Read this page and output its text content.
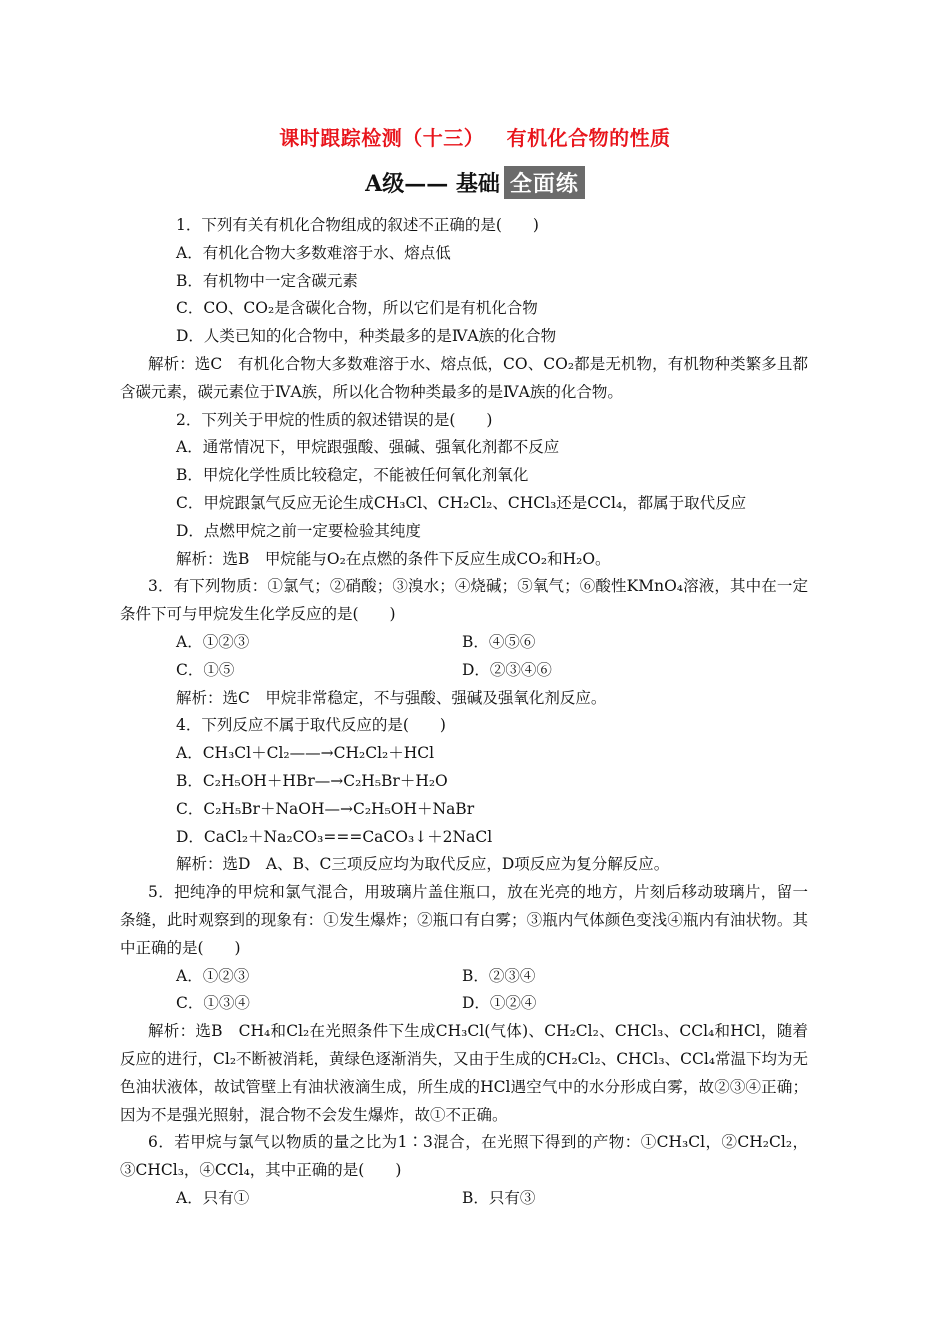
课时跟踪检测（十三）   有机化合物的性质
A级—— 基础 全面练
1．下列有关有机化合物组成的叙述不正确的是(　　)
A．有机化合物大多数难溶于水、熔点低
B．有机物中一定含碳元素
C．CO、CO₂是含碳化合物，所以它们是有机化合物
D．人类已知的化合物中，种类最多的是ⅣA族的化合物
解析：选C　有机化合物大多数难溶于水、熔点低，CO、CO₂都是无机物，有机物种类繁多且都含碳元素，碳元素位于ⅣA族，所以化合物种类最多的是ⅣA族的化合物。
2．下列关于甲烷的性质的叙述错误的是(　　)
A．通常情况下，甲烷跟强酸、强碱、强氧化剂都不反应
B．甲烷化学性质比较稳定，不能被任何氧化剂氧化
C．甲烷跟氯气反应无论生成CH₃Cl、CH₂Cl₂、CHCl₃还是CCl₄，都属于取代反应
D．点燃甲烷之前一定要检验其纯度
解析：选B　甲烷能与O₂在点燃的条件下反应生成CO₂和H₂O。
3．有下列物质：①氯气；②硝酸；③溴水；④烧碱；⑤氧气；⑥酸性KMnO₄溶液，其中在一定条件下可与甲烷发生化学反应的是(　　)
A．①②③	B．④⑤⑥
C．①⑤	D．②③④⑥
解析：选C　甲烷非常稳定，不与强酸、强碱及强氧化剂反应。
4．下列反应不属于取代反应的是(　　)
A．CH₃Cl＋Cl₂——→CH₂Cl₂＋HCl
B．C₂H₅OH＋HBr—→C₂H₅Br＋H₂O
C．C₂H₅Br＋NaOH—→C₂H₅OH＋NaBr
D．CaCl₂＋Na₂CO₃===CaCO₃↓＋2NaCl
解析：选D　A、B、C三项反应均为取代反应，D项反应为复分解反应。
5．把纯净的甲烷和氯气混合，用玻璃片盖住瓶口，放在光亮的地方，片刻后移动玻璃片，留一条缝，此时观察到的现象有：①发生爆炸；②瓶口有白雾；③瓶内气体颜色变浅④瓶内有油状物。其中正确的是(　　)
A．①②③	B．②③④
C．①③④	D．①②④
解析：选B　CH₄和Cl₂在光照条件下生成CH₃Cl(气体)、CH₂Cl₂、CHCl₃、CCl₄和HCl，随着反应的进行，Cl₂不断被消耗，黄绿色逐渐消失，又由于生成的CH₂Cl₂、CHCl₃、CCl₄常温下均为无色油状液体，故试管壁上有油状液滴生成，所生成的HCl遇空气中的水分形成白雾，故②③④正确；因为不是强光照射，混合物不会发生爆炸，故①不正确。
6．若甲烷与氯气以物质的量之比为1∶3混合，在光照下得到的产物：①CH₃Cl，②CH₂Cl₂，③CHCl₃，④CCl₄，其中正确的是(　　)
A．只有①	B．只有③
